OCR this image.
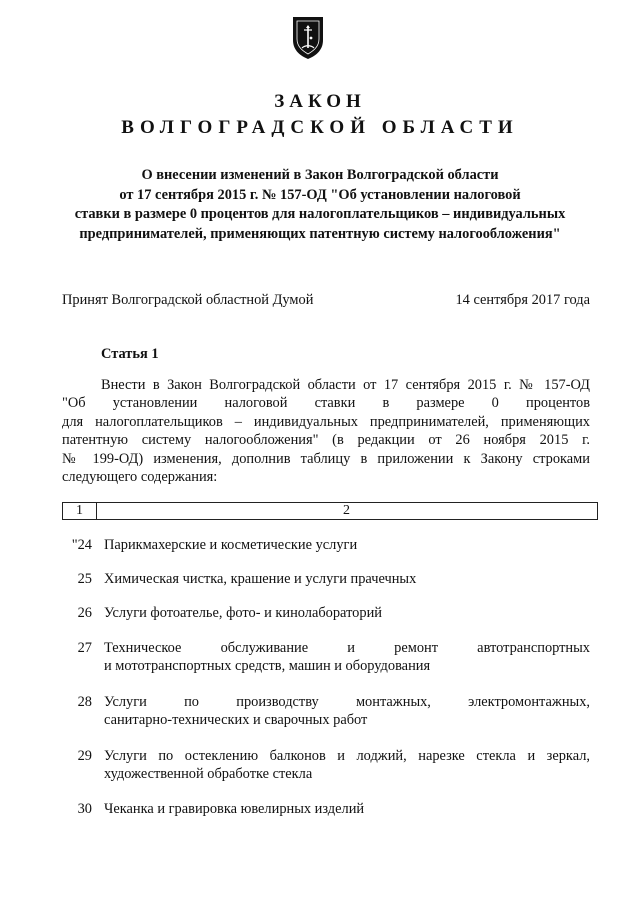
ЗАКОН
ВОЛГОГРАДСКОЙ ОБЛАСТИ
О внесении изменений в Закон Волгоградской области
от 17 сентября 2015 г. № 157-ОД "Об установлении налоговой
ставки в размере 0 процентов для налогоплательщиков – индивидуальных
предпринимателей, применяющих патентную систему налогообложения"
Принят Волгоградской областной Думой	14 сентября 2017 года
Статья 1
Внести в Закон Волгоградской области от 17 сентября 2015 г. № 157-ОД
"Об установлении налоговой ставки в размере 0 процентов
для налогоплательщиков – индивидуальных предпринимателей, применяющих
патентную систему налогообложения" (в редакции от 26 ноября 2015 г.
№ 199-ОД) изменения, дополнив таблицу в приложении к Закону строками
следующего содержания:
1	2
"24 Парикмахерские и косметические услуги
25 Химическая чистка, крашение и услуги прачечных
26 Услуги фотоателье, фото- и кинолабораторий
27 Техническое обслуживание и ремонт автотранспортных
и мототранспортных средств, машин и оборудования
28 Услуги по производству монтажных, электромонтажных,
санитарно-технических и сварочных работ
29 Услуги по остеклению балконов и лоджий, нарезке стекла и зеркал,
художественной обработке стекла
30 Чеканка и гравировка ювелирных изделий
